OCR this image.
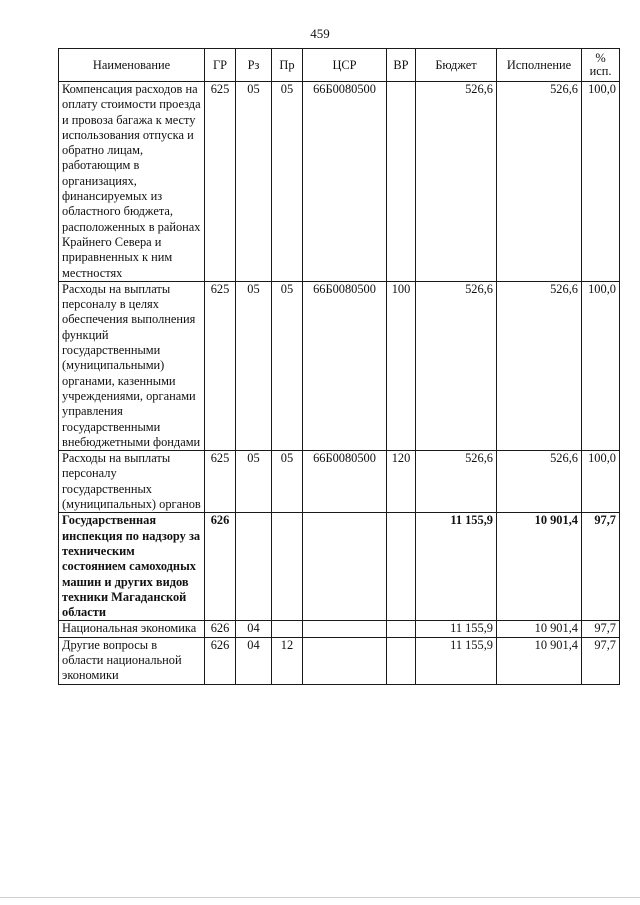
459
Наименование	ГР	Рз	Пр	ЦСР	ВР	Бюджет	Исполнение	%
исп.

Компенсация расходов на оплату стоимости проезда и провоза багажа к месту использования отпуска и обратно лицам, работающим в организациях, финансируемых из областного бюджета, расположенных в районах Крайнего Севера и приравненных к ним местностях	625	05	05	66Б0080500		526,6	526,6	100,0
Расходы на выплаты персоналу в целях обеспечения выполнения функций государственными (муниципальными) органами, казенными учреждениями, органами управления государственными внебюджетными фондами	625	05	05	66Б0080500	100	526,6	526,6	100,0
Расходы на выплаты персоналу государственных (муниципальных) органов	625	05	05	66Б0080500	120	526,6	526,6	100,0
Государственная инспекция по надзору за техническим состоянием самоходных машин и других видов техники Магаданской области	626					11 155,9	10 901,4	97,7
Национальная экономика	626	04				11 155,9	10 901,4	97,7
Другие вопросы в области национальной экономики	626	04	12			11 155,9	10 901,4	97,7
